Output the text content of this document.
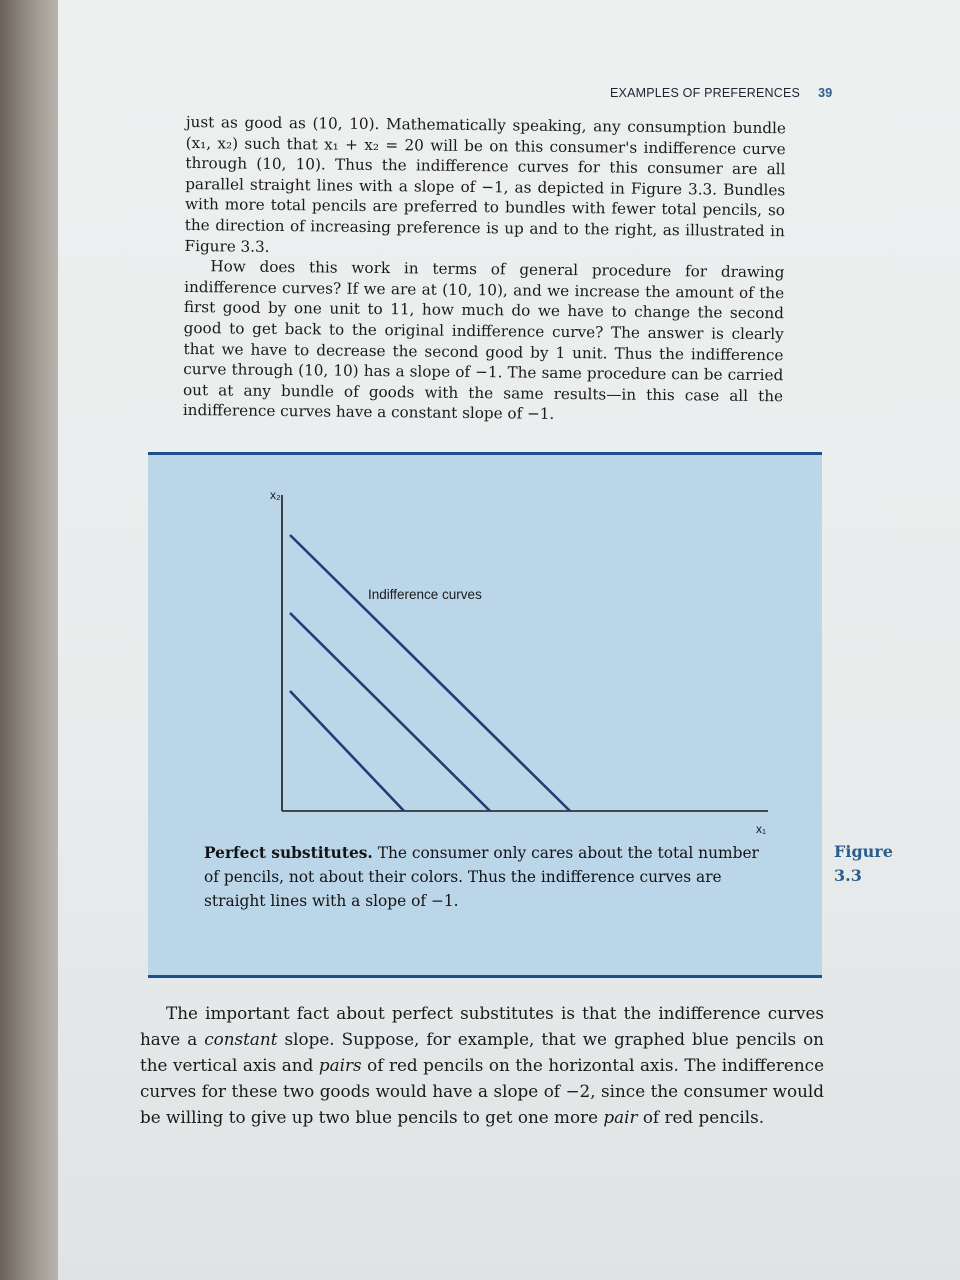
EXAMPLES OF PREFERENCES 39

just as good as (10, 10). Mathematically speaking, any consumption bundle (x₁, x₂) such that x₁ + x₂ = 20 will be on this consumer's indifference curve through (10, 10). Thus the indifference curves for this consumer are all parallel straight lines with a slope of −1, as depicted in Figure 3.3. Bundles with more total pencils are preferred to bundles with fewer total pencils, so the direction of increasing preference is up and to the right, as illustrated in Figure 3.3.

How does this work in terms of general procedure for drawing indifference curves? If we are at (10, 10), and we increase the amount of the first good by one unit to 11, how much do we have to change the second good to get back to the original indifference curve? The answer is clearly that we have to decrease the second good by 1 unit. Thus the indifference curve through (10, 10) has a slope of −1. The same procedure can be carried out at any bundle of goods with the same results—in this case all the indifference curves have a constant slope of −1.

x₂
x₁
Indifference curves
Perfect substitutes. The consumer only cares about the total number of pencils, not about their colors. Thus the indifference curves are straight lines with a slope of −1.
Figure
3.3

The important fact about perfect substitutes is that the indifference curves have a constant slope. Suppose, for example, that we graphed blue pencils on the vertical axis and pairs of red pencils on the horizontal axis. The indifference curves for these two goods would have a slope of −2, since the consumer would be willing to give up two blue pencils to get one more pair of red pencils.
